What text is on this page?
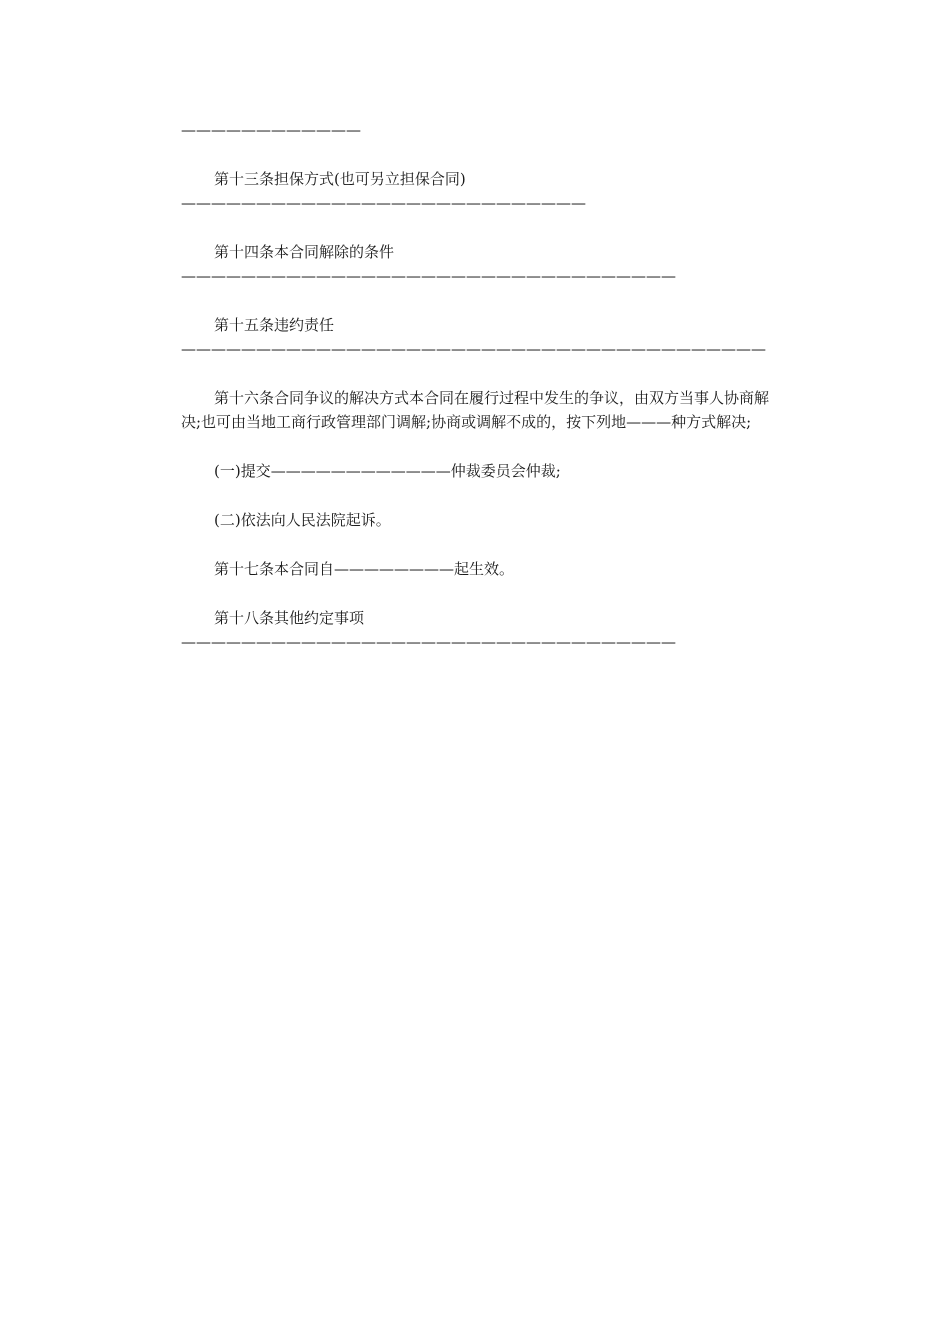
————————————

第十三条担保方式(也可另立担保合同)———————————————————————————

第十四条本合同解除的条件—————————————————————————————————

第十五条违约责任———————————————————————————————————————

第十六条合同争议的解决方式本合同在履行过程中发生的争议，由双方当事人协商解决;也可由当地工商行政管理部门调解;协商或调解不成的，按下列地———种方式解决;

(一)提交————————————仲裁委员会仲裁;

(二)依法向人民法院起诉。

第十七条本合同自————————起生效。

第十八条其他约定事项—————————————————————————————————
